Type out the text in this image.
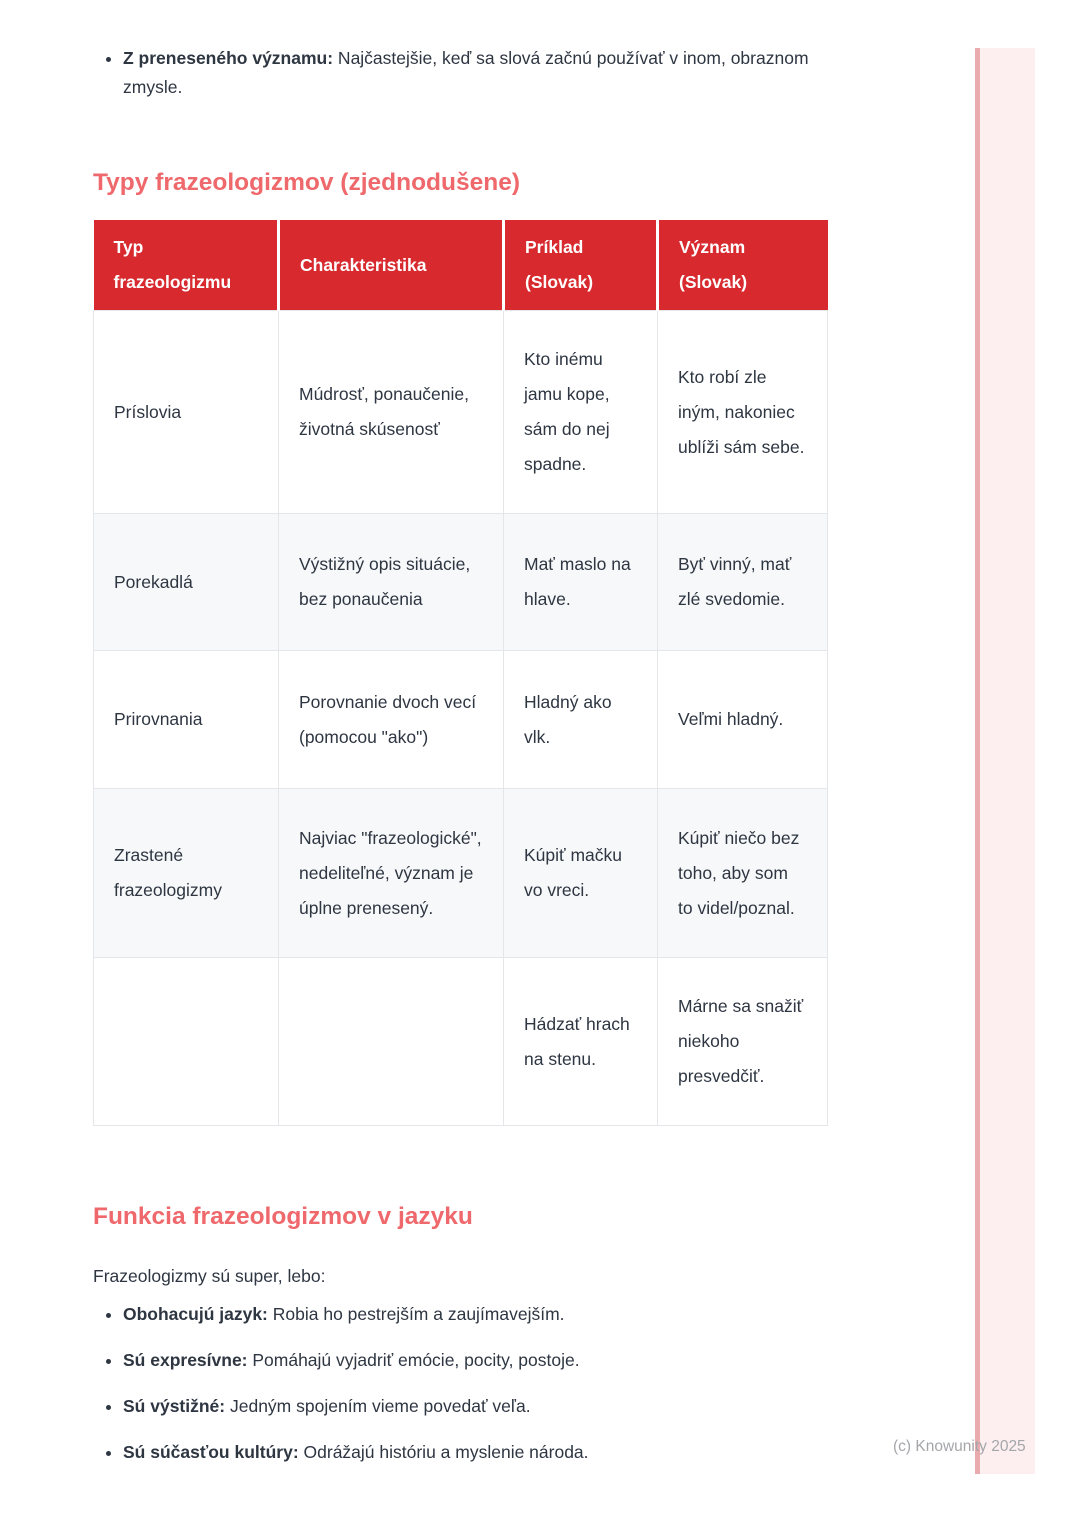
• Z preneseného významu: Najčastejšie, keď sa slová začnú používať v inom, obraznom zmysle.
Typy frazeologizmov (zjednodušene)
Typ frazeologizmu	Charakteristika	Príklad (Slovak)	Význam (Slovak)
Príslovia	Múdrosť, ponaučenie, životná skúsenosť	Kto inému jamu kope, sám do nej spadne.	Kto robí zle iným, nakoniec ublíži sám sebe.
Porekadlá	Výstižný opis situácie, bez ponaučenia	Mať maslo na hlave.	Byť vinný, mať zlé svedomie.
Prirovnania	Porovnanie dvoch vecí (pomocou "ako")	Hladný ako vlk.	Veľmi hladný.
Zrastené frazeologizmy	Najviac "frazeologické", nedeliteľné, význam je úplne prenesený.	Kúpiť mačku vo vreci.	Kúpiť niečo bez toho, aby som to videl/poznal.
		Hádzať hrach na stenu.	Márne sa snažiť niekoho presvedčiť.
Funkcia frazeologizmov v jazyku

Frazeologizmy sú super, lebo:

• Obohacujú jazyk: Robia ho pestrejším a zaujímavejším.
• Sú expresívne: Pomáhajú vyjadriť emócie, pocity, postoje.
• Sú výstižné: Jedným spojením vieme povedať veľa.
• Sú súčasťou kultúry: Odrážajú históriu a myslenie národa.	(c) Knowunity 2025
